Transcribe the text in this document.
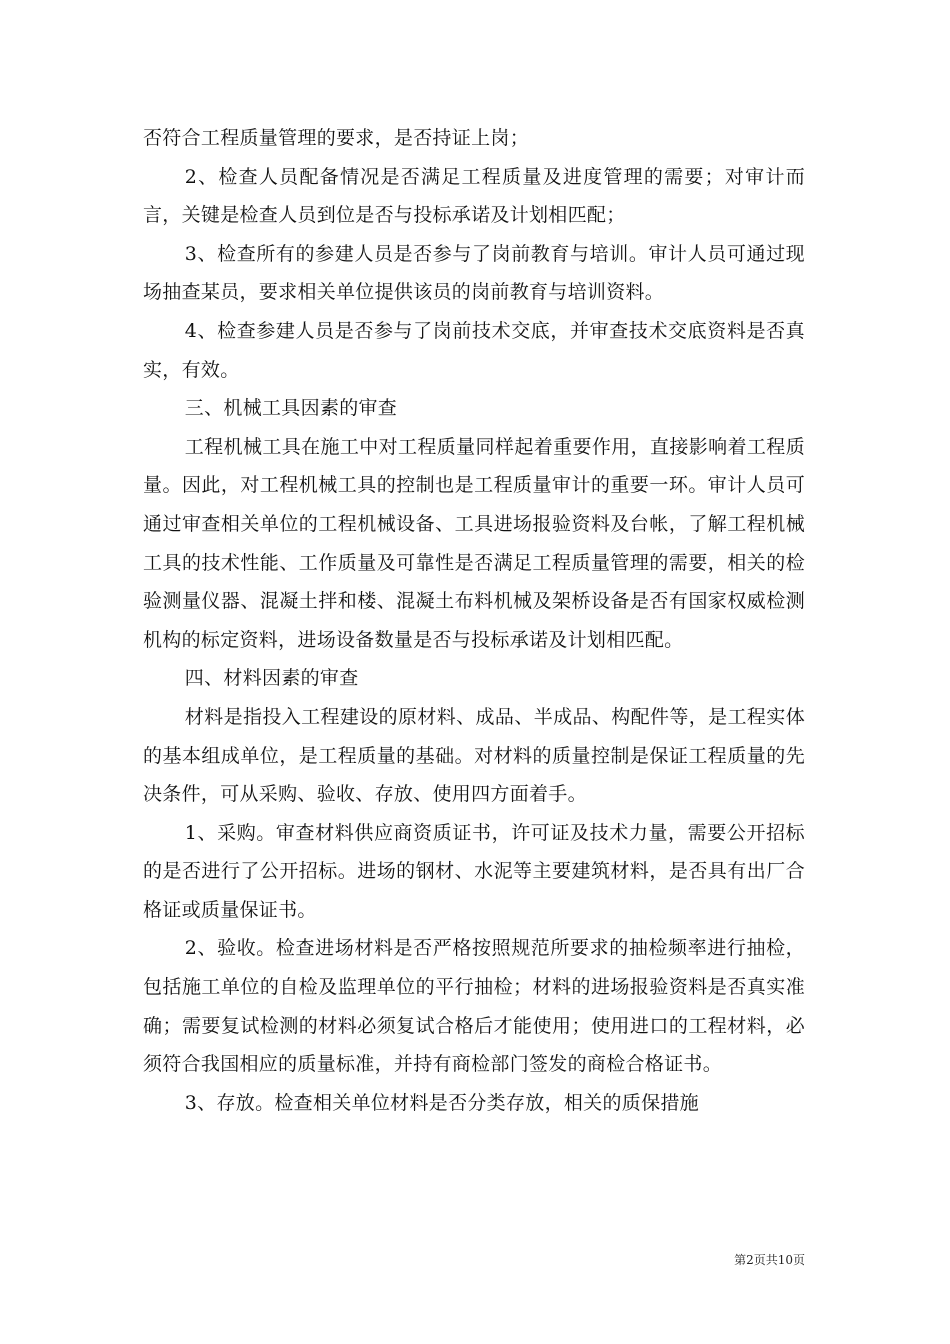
否符合工程质量管理的要求，是否持证上岗；

2、检查人员配备情况是否满足工程质量及进度管理的需要；对审计而言，关键是检查人员到位是否与投标承诺及计划相匹配；

3、检查所有的参建人员是否参与了岗前教育与培训。审计人员可通过现场抽查某员，要求相关单位提供该员的岗前教育与培训资料。

4、检查参建人员是否参与了岗前技术交底，并审查技术交底资料是否真实，有效。

三、机械工具因素的审查

工程机械工具在施工中对工程质量同样起着重要作用，直接影响着工程质量。因此，对工程机械工具的控制也是工程质量审计的重要一环。审计人员可通过审查相关单位的工程机械设备、工具进场报验资料及台帐，了解工程机械工具的技术性能、工作质量及可靠性是否满足工程质量管理的需要，相关的检验测量仪器、混凝土拌和楼、混凝土布料机械及架桥设备是否有国家权威检测机构的标定资料，进场设备数量是否与投标承诺及计划相匹配。

四、材料因素的审查

材料是指投入工程建设的原材料、成品、半成品、构配件等，是工程实体的基本组成单位，是工程质量的基础。对材料的质量控制是保证工程质量的先决条件，可从采购、验收、存放、使用四方面着手。

1、采购。审查材料供应商资质证书，许可证及技术力量，需要公开招标的是否进行了公开招标。进场的钢材、水泥等主要建筑材料，是否具有出厂合格证或质量保证书。

2、验收。检查进场材料是否严格按照规范所要求的抽检频率进行抽检，包括施工单位的自检及监理单位的平行抽检；材料的进场报验资料是否真实准确；需要复试检测的材料必须复试合格后才能使用；使用进口的工程材料，必须符合我国相应的质量标准，并持有商检部门签发的商检合格证书。

3、存放。检查相关单位材料是否分类存放，相关的质保措施

第2页共10页
